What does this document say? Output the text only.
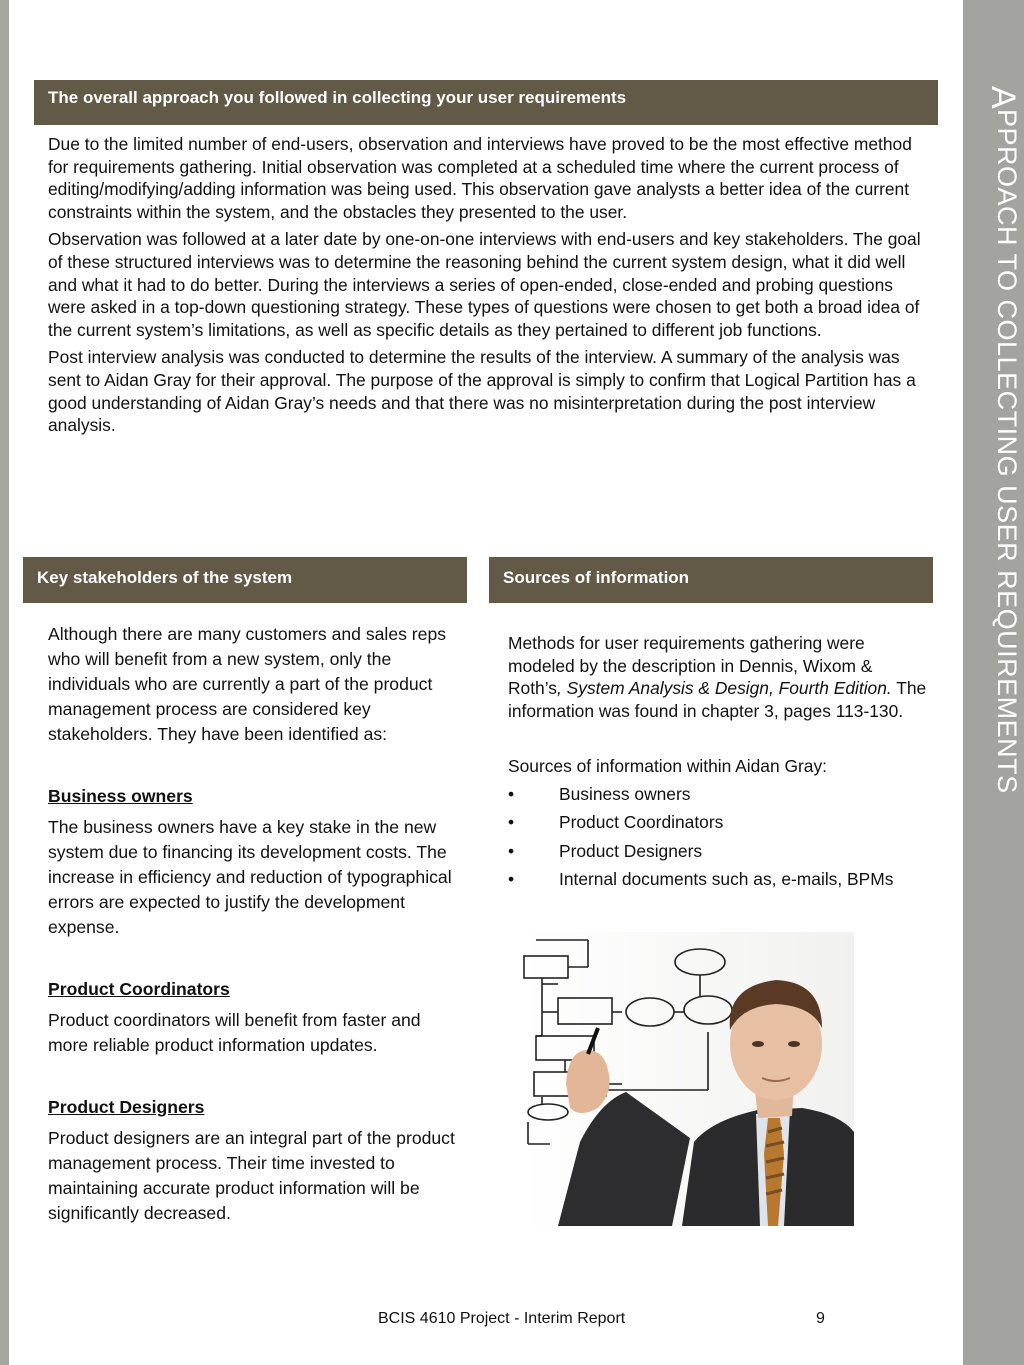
A
PPROACH TO COLLECTING USER REQUIREMENTS
The overall approach you followed in collecting your user requirements

Due to the limited number of end-users, observation and interviews have proved to be the most effective method for requirements gathering. Initial observation was completed at a scheduled time where the current process of editing/modifying/adding information was being used. This observation gave analysts a better idea of the current constraints within the system, and the obstacles they presented to the user.

Observation was followed at a later date by one-on-one interviews with end-users and key stakeholders. The goal of these structured interviews was to determine the reasoning behind the current system design, what it did well and what it had to do better. During the interviews a series of open-ended, close-ended and probing questions were asked in a top-down questioning strategy. These types of questions were chosen to get both a broad idea of the current system’s limitations, as well as specific details as they pertained to different job functions.

Post interview analysis was conducted to determine the results of the interview. A summary of the analysis was sent to Aidan Gray for their approval. The purpose of the approval is simply to confirm that Logical Partition has a good understanding of Aidan Gray’s needs and that there was no misinterpretation during the post interview analysis.

Key stakeholders of the system

Although there are many customers and sales reps who will benefit from a new system, only the individuals who are currently a part of the product management process are considered key stakeholders. They have been identified as:

Business owners

The business owners have a key stake in the new system due to financing its development costs. The increase in efficiency and reduction of typographical errors are expected to justify the development expense.

Product Coordinators

Product coordinators will benefit from faster and more reliable product information updates.

Product Designers

Product designers are an integral part of the product management process. Their time invested to maintaining accurate product information will be significantly decreased.

Sources of information

Methods for user requirements gathering were modeled by the description in Dennis, Wixom & Roth’s, System Analysis & Design, Fourth Edition. The information was found in chapter 3, pages 113-130.

Sources of information within Aidan Gray:

•	Business owners
•	Product Coordinators
•	Product Designers
•	Internal documents such as, e-mails, BPMs
BCIS 4610 Project - Interim Report	9
